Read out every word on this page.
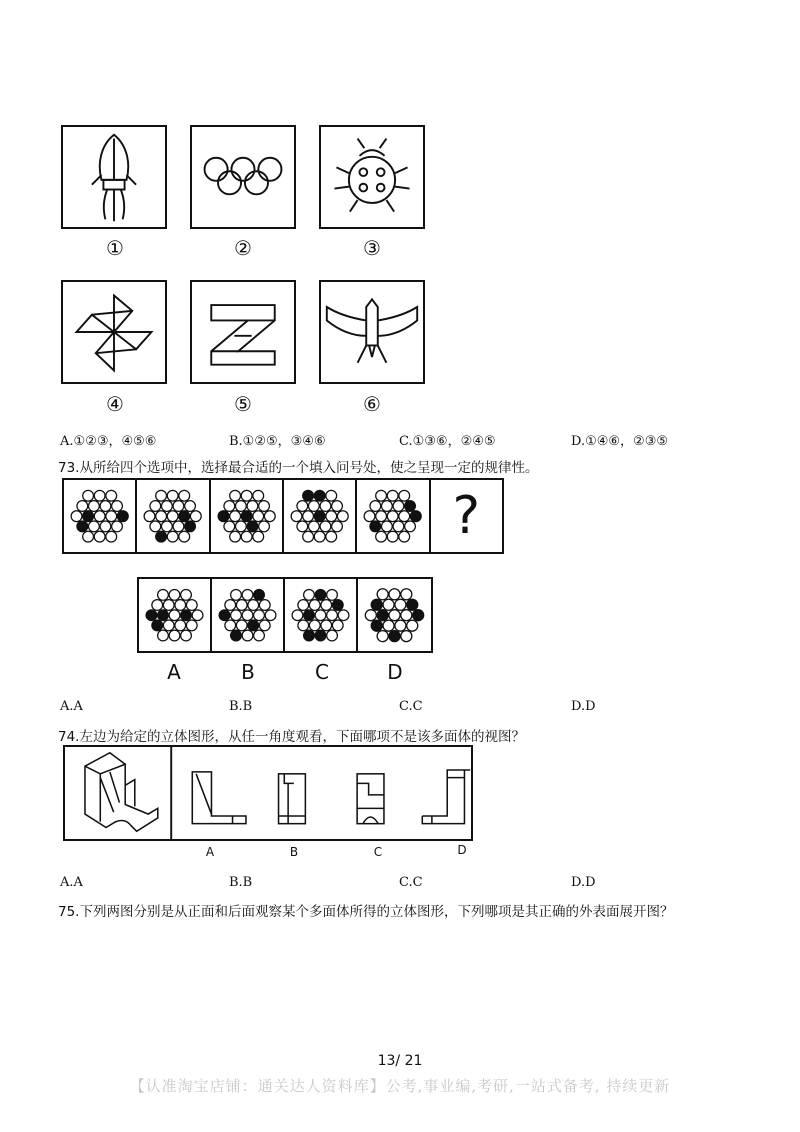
①	②	③
④	⑤	⑥
A.①②③，④⑤⑥	B.①②⑤，③④⑥	C.①③⑥，②④⑤	D.①④⑥，②③⑤
73.从所给四个选项中，选择最合适的一个填入问号处，使之呈现一定的规律性。
?
A	B	C	D
A.A	B.B	C.C	D.D
74.左边为给定的立体图形，从任一角度观看，下面哪项不是该多面体的视图？
A	B	C	D
A.A	B.B	C.C	D.D
75.下列两图分别是从正面和后面观察某个多面体所得的立体图形，下列哪项是其正确的外表面展开图？
13/ 21
【认准淘宝店铺：通关达人资料库】公考,事业编,考研,一站式备考, 持续更新
